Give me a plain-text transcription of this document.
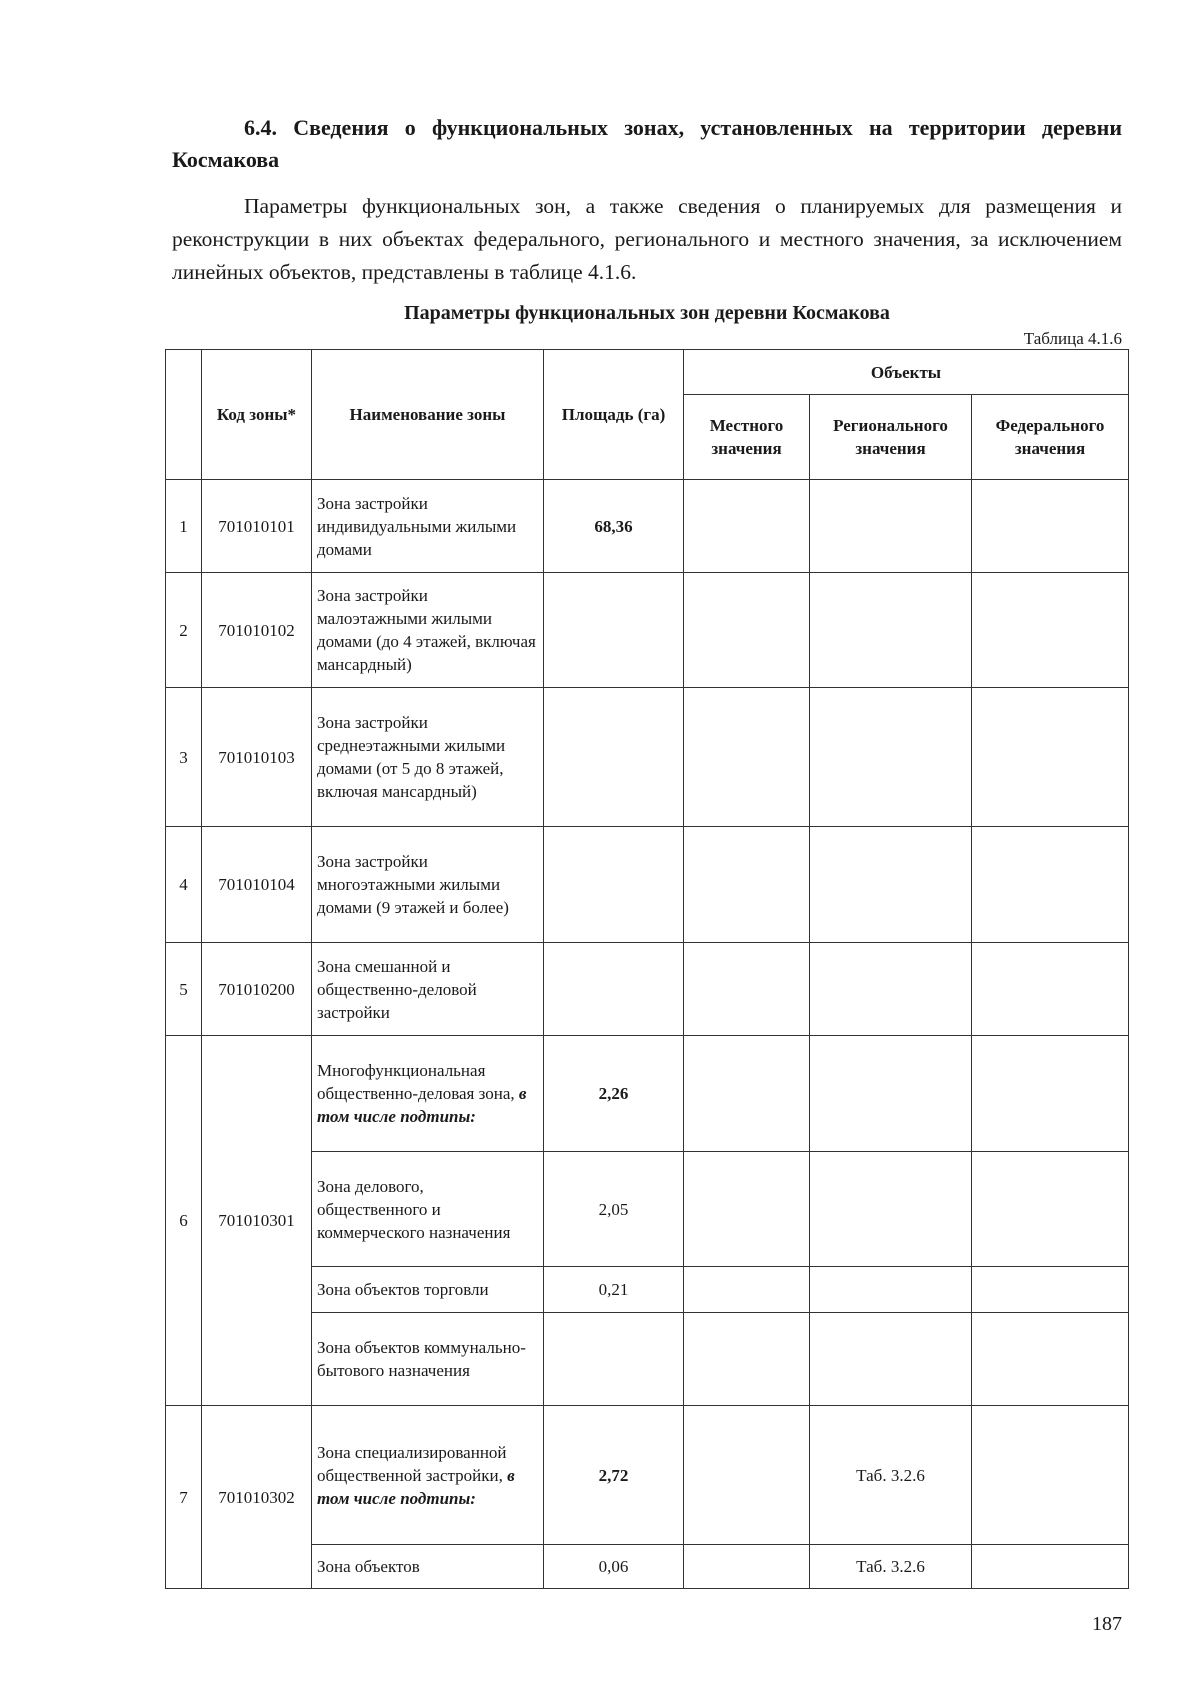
6.4. Сведения о функциональных зонах, установленных на территории деревни Космакова

Параметры функциональных зон, а также сведения о планируемых для размещения и реконструкции в них объектах федерального, регионального и местного значения, за исключением линейных объектов, представлены в таблице 4.1.6.

Параметры функциональных зон деревни Космакова

Таблица 4.1.6

	Код зоны*	Наименование зоны	Площадь (га)	Объекты		
				Местного значения	Регионального значения	Федерального значения
1	701010101	Зона застройки индивидуальными жилыми домами	68,36			
2	701010102	Зона застройки малоэтажными жилыми домами (до 4 этажей, включая мансардный)				
3	701010103	Зона застройки среднеэтажными жилыми домами (от 5 до 8 этажей, включая мансардный)				
4	701010104	Зона застройки многоэтажными жилыми домами (9 этажей и более)				
5	701010200	Зона смешанной и общественно-деловой застройки				
6	701010301	Многофункциональная общественно-деловая зона, в том числе подтипы:	2,26			
		Зона делового, общественного и коммерческого назначения	2,05			
		Зона объектов торговли	0,21			
		Зона объектов коммунально-бытового назначения				
7	701010302	Зона специализированной общественной застройки, в том числе подтипы:	2,72		Таб. 3.2.6	
		Зона объектов	0,06		Таб. 3.2.6	

187
